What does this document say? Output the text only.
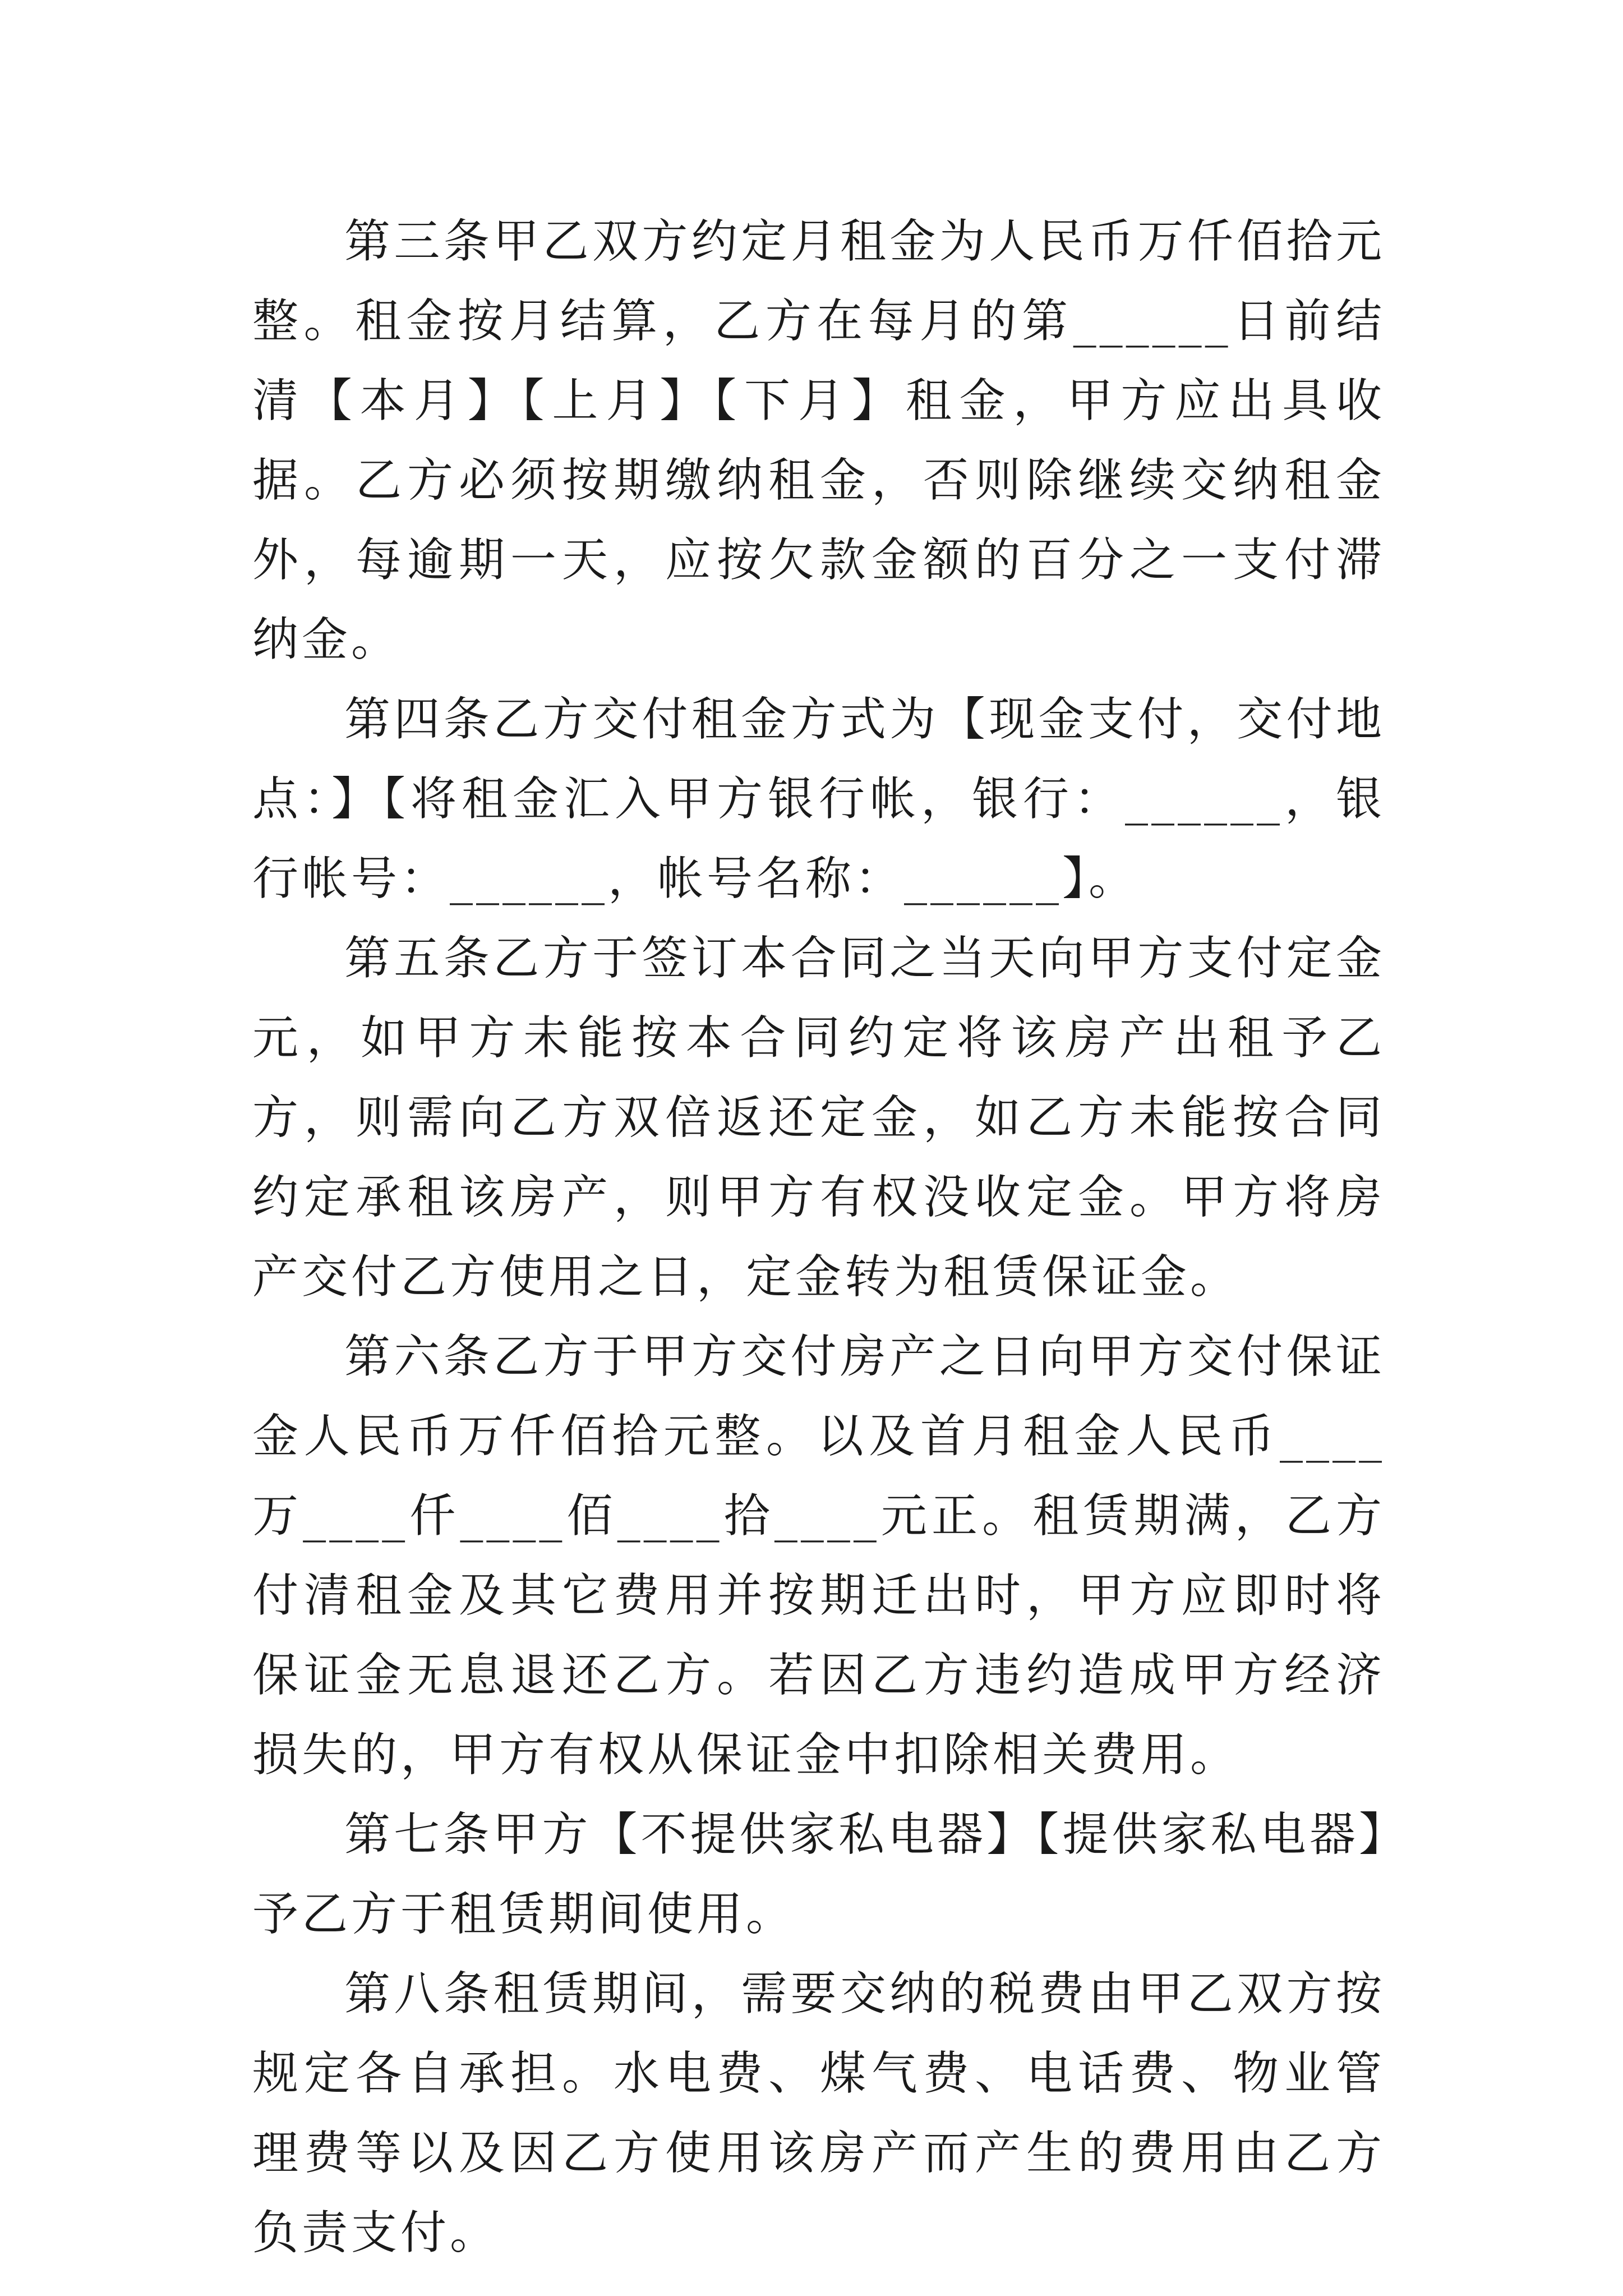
第三条甲乙双方约定月租金为人民币万仟佰拾元整。租金按月结算，乙方在每月的第______日前结清【本月】【上月】【下月】租金，甲方应出具收据。乙方必须按期缴纳租金，否则除继续交纳租金外，每逾期一天，应按欠款金额的百分之一支付滞纳金。

第四条乙方交付租金方式为【现金支付，交付地点：】【将租金汇入甲方银行帐，银行：______，银行帐号：______，帐号名称：______】。

第五条乙方于签订本合同之当天向甲方支付定金元，如甲方未能按本合同约定将该房产出租予乙方，则需向乙方双倍返还定金，如乙方未能按合同约定承租该房产，则甲方有权没收定金。甲方将房产交付乙方使用之日，定金转为租赁保证金。

第六条乙方于甲方交付房产之日向甲方交付保证金人民币万仟佰拾元整。以及首月租金人民币____万____仟____佰____拾____元正。租赁期满，乙方付清租金及其它费用并按期迁出时，甲方应即时将保证金无息退还乙方。若因乙方违约造成甲方经济损失的，甲方有权从保证金中扣除相关费用。

第七条甲方【不提供家私电器】【提供家私电器】予乙方于租赁期间使用。

第八条租赁期间，需要交纳的税费由甲乙双方按规定各自承担。水电费、煤气费、电话费、物业管理费等以及因乙方使用该房产而产生的费用由乙方负责支付。
